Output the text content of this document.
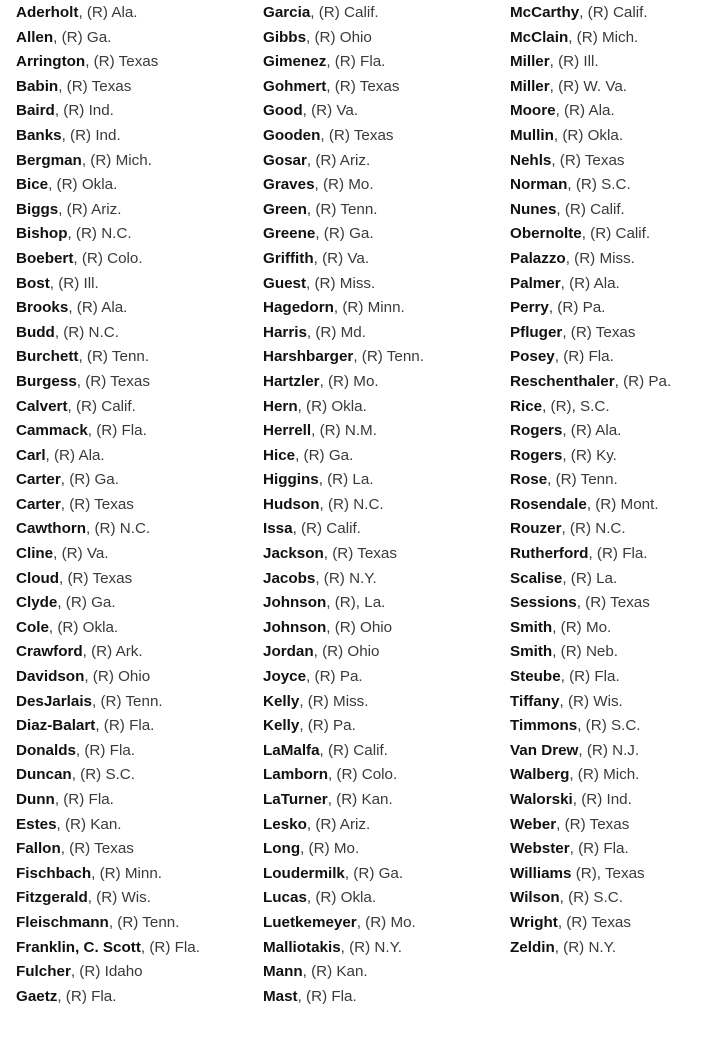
Aderholt, (R) Ala.
Allen, (R) Ga.
Arrington, (R) Texas
Babin, (R) Texas
Baird, (R) Ind.
Banks, (R) Ind.
Bergman, (R) Mich.
Bice, (R) Okla.
Biggs, (R) Ariz.
Bishop, (R) N.C.
Boebert, (R) Colo.
Bost, (R) Ill.
Brooks, (R) Ala.
Budd, (R) N.C.
Burchett, (R) Tenn.
Burgess, (R) Texas
Calvert, (R) Calif.
Cammack, (R) Fla.
Carl, (R) Ala.
Carter, (R) Ga.
Carter, (R) Texas
Cawthorn, (R) N.C.
Cline, (R) Va.
Cloud, (R) Texas
Clyde, (R) Ga.
Cole, (R) Okla.
Crawford, (R) Ark.
Davidson, (R) Ohio
DesJarlais, (R) Tenn.
Diaz-Balart, (R) Fla.
Donalds, (R) Fla.
Duncan, (R) S.C.
Dunn, (R) Fla.
Estes, (R) Kan.
Fallon, (R) Texas
Fischbach, (R) Minn.
Fitzgerald, (R) Wis.
Fleischmann, (R) Tenn.
Franklin, C. Scott, (R) Fla.
Fulcher, (R) Idaho
Gaetz, (R) Fla.
Garcia, (R) Calif.
Gibbs, (R) Ohio
Gimenez, (R) Fla.
Gohmert, (R) Texas
Good, (R) Va.
Gooden, (R) Texas
Gosar, (R) Ariz.
Graves, (R) Mo.
Green, (R) Tenn.
Greene, (R) Ga.
Griffith, (R) Va.
Guest, (R) Miss.
Hagedorn, (R) Minn.
Harris, (R) Md.
Harshbarger, (R) Tenn.
Hartzler, (R) Mo.
Hern, (R) Okla.
Herrell, (R) N.M.
Hice, (R) Ga.
Higgins, (R) La.
Hudson, (R) N.C.
Issa, (R) Calif.
Jackson, (R) Texas
Jacobs, (R) N.Y.
Johnson, (R), La.
Johnson, (R) Ohio
Jordan, (R) Ohio
Joyce, (R) Pa.
Kelly, (R) Miss.
Kelly, (R) Pa.
LaMalfa, (R) Calif.
Lamborn, (R) Colo.
LaTurner, (R) Kan.
Lesko, (R) Ariz.
Long, (R) Mo.
Loudermilk, (R) Ga.
Lucas, (R) Okla.
Luetkemeyer, (R) Mo.
Malliotakis, (R) N.Y.
Mann, (R) Kan.
Mast, (R) Fla.
McCarthy, (R) Calif.
McClain, (R) Mich.
Miller, (R) Ill.
Miller, (R) W. Va.
Moore, (R) Ala.
Mullin, (R) Okla.
Nehls, (R) Texas
Norman, (R) S.C.
Nunes, (R) Calif.
Obernolte, (R) Calif.
Palazzo, (R) Miss.
Palmer, (R) Ala.
Perry, (R) Pa.
Pfluger, (R) Texas
Posey, (R) Fla.
Reschenthaler, (R) Pa.
Rice, (R), S.C.
Rogers, (R) Ala.
Rogers, (R) Ky.
Rose, (R) Tenn.
Rosendale, (R) Mont.
Rouzer, (R) N.C.
Rutherford, (R) Fla.
Scalise, (R) La.
Sessions, (R) Texas
Smith, (R) Mo.
Smith, (R) Neb.
Steube, (R) Fla.
Tiffany, (R) Wis.
Timmons, (R) S.C.
Van Drew, (R) N.J.
Walberg, (R) Mich.
Walorski, (R) Ind.
Weber, (R) Texas
Webster, (R) Fla.
Williams (R), Texas
Wilson, (R) S.C.
Wright, (R) Texas
Zeldin, (R) N.Y.
